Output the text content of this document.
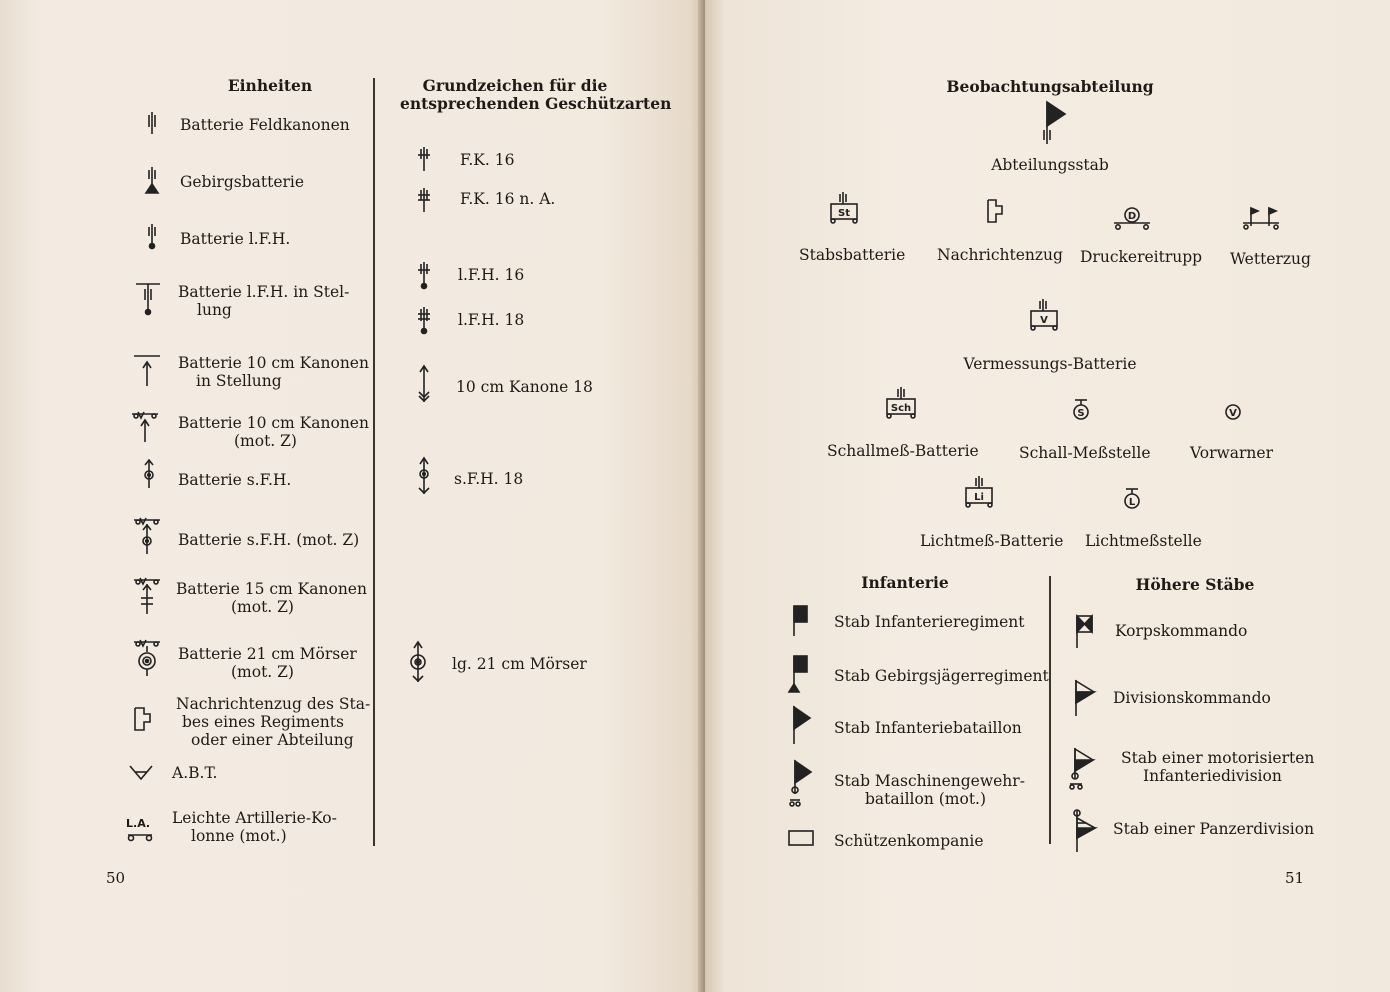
Einheiten	Grundzeichen für die
entsprechenden Geschützarten
L.A.
Batterie Feldkanonen
Gebirgsbatterie
Batterie l.F.H.
Batterie l.F.H. in Stel-
lung
Batterie 10 cm Kanonen
in Stellung
Batterie 10 cm Kanonen
(mot. Z)
Batterie s.F.H.
Batterie s.F.H. (mot. Z)
Batterie 15 cm Kanonen
(mot. Z)
Batterie 21 cm Mörser
(mot. Z)
Nachrichtenzug des Sta-
bes eines Regiments
oder einer Abteilung
A.B.T.
Leichte Artillerie-Ko-
lonne (mot.)
F.K. 16
F.K. 16 n. A.
l.F.H. 16
l.F.H. 18
10 cm Kanone 18
s.F.H. 18
lg. 21 cm Mörser
50
Beobachtungsabteilung
Abteilungsstab
St
Stabsbatterie Nachrichtenzug
D
Druckereitrupp Wetterzug
V
Vermessungs-Batterie
Sch
Schallmeß-Batterie
S
Schall-Meßstelle
V
Vorwarner
Li
Lichtmeß-Batterie
L
Lichtmeßstelle
Infanterie	Höhere Stäbe
Stab Infanterieregiment
Stab Gebirgsjägerregiment
Stab Infanteriebataillon
Stab Maschinengewehr-
bataillon (mot.)
Schützenkompanie
Korpskommando
Divisionskommando
Stab einer motorisierten
Infanteriedivision
Stab einer Panzerdivision
51
